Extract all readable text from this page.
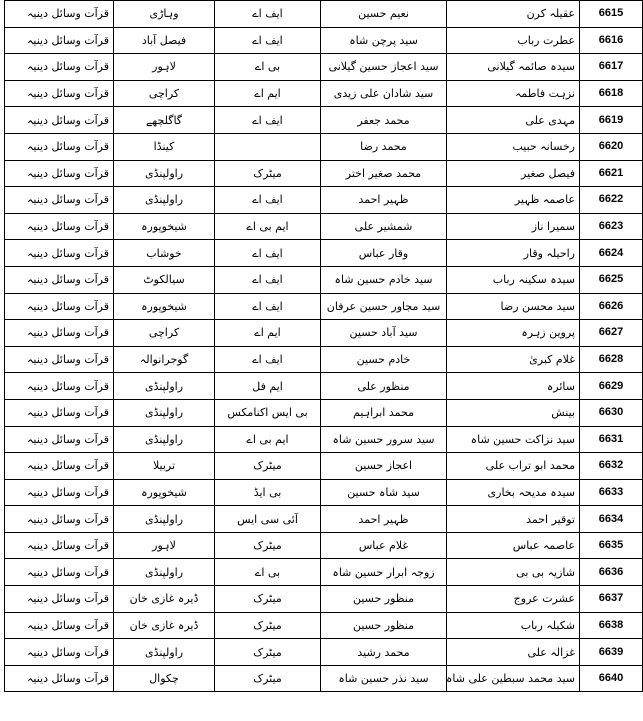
قرآت وسائل دینیہ	وہاڑی	ایف اے	نعیم حسین	عقیلہ کرن	6615
قرآت وسائل دینیہ	فیصل آباد	ایف اے	سید پرچن شاہ	عطرت رباب	6616
قرآت وسائل دینیہ	لاہور	بی اے	سید اعجاز حسین گیلانی	سیدہ صائمہ گیلانی	6617
قرآت وسائل دینیہ	کراچی	ایم اے	سید شادان علی زیدی	نزہت فاطمہ	6618
قرآت وسائل دینیہ	گاگلچھے	ایف اے	محمد جعفر	مہدی علی	6619
قرآت وسائل دینیہ	کینڈا		محمد رضا	رخسانہ حبیب	6620
قرآت وسائل دینیہ	راولپنڈی	میٹرک	محمد صغیر اختر	فیصل صغیر	6621
قرآت وسائل دینیہ	راولپنڈی	ایف اے	ظہیر احمد	عاصمہ ظہیر	6622
قرآت وسائل دینیہ	شیخوپورہ	ایم بی اے	شمشیر علی	سمیرا ناز	6623
قرآت وسائل دینیہ	خوشاب	ایف اے	وقار عباس	راحیلہ وقار	6624
قرآت وسائل دینیہ	سیالکوٹ	ایف اے	سید خادم حسین شاہ	سیدہ سکینہ رباب	6625
قرآت وسائل دینیہ	شیخوپورہ	ایف اے	سید مجاور حسین عرفان	سید محسن رضا	6626
قرآت وسائل دینیہ	کراچی	ایم اے	سید آباد حسین	پروین زہرہ	6627
قرآت وسائل دینیہ	گوجرانوالہ	ایف اے	خادم حسین	غلام کبریٰ	6628
قرآت وسائل دینیہ	راولپنڈی	ایم فل	منظور علی	سائرہ	6629
قرآت وسائل دینیہ	راولپنڈی	بی ایس اکنامکس	محمد ابراہیم	بینش	6630
قرآت وسائل دینیہ	راولپنڈی	ایم بی اے	سید سرور حسین شاہ	سید نزاکت حسین شاہ	6631
قرآت وسائل دینیہ	تربیلا	میٹرک	اعجاز حسین	محمد ابو تراب علی	6632
قرآت وسائل دینیہ	شیخوپورہ	بی ایڈ	سید شاہ حسین	سیدہ مدیحہ بخاری	6633
قرآت وسائل دینیہ	راولپنڈی	آئی سی ایس	ظہیر احمد	توقیر احمد	6634
قرآت وسائل دینیہ	لاہور	میٹرک	غلام عباس	عاصمہ عباس	6635
قرآت وسائل دینیہ	راولپنڈی	بی اے	زوجہ ابرار حسین شاہ	شازیہ بی بی	6636
قرآت وسائل دینیہ	ڈیرہ غازی خان	میٹرک	منظور حسین	عشرت عروج	6637
قرآت وسائل دینیہ	ڈیرہ غازی خان	میٹرک	منظور حسین	شکیلہ رباب	6638
قرآت وسائل دینیہ	راولپنڈی	میٹرک	محمد رشید	غزالہ علی	6639
قرآت وسائل دینیہ	چکوال	میٹرک	سید نذر حسین شاہ	سید محمد سبطین علی شاہ	6640
